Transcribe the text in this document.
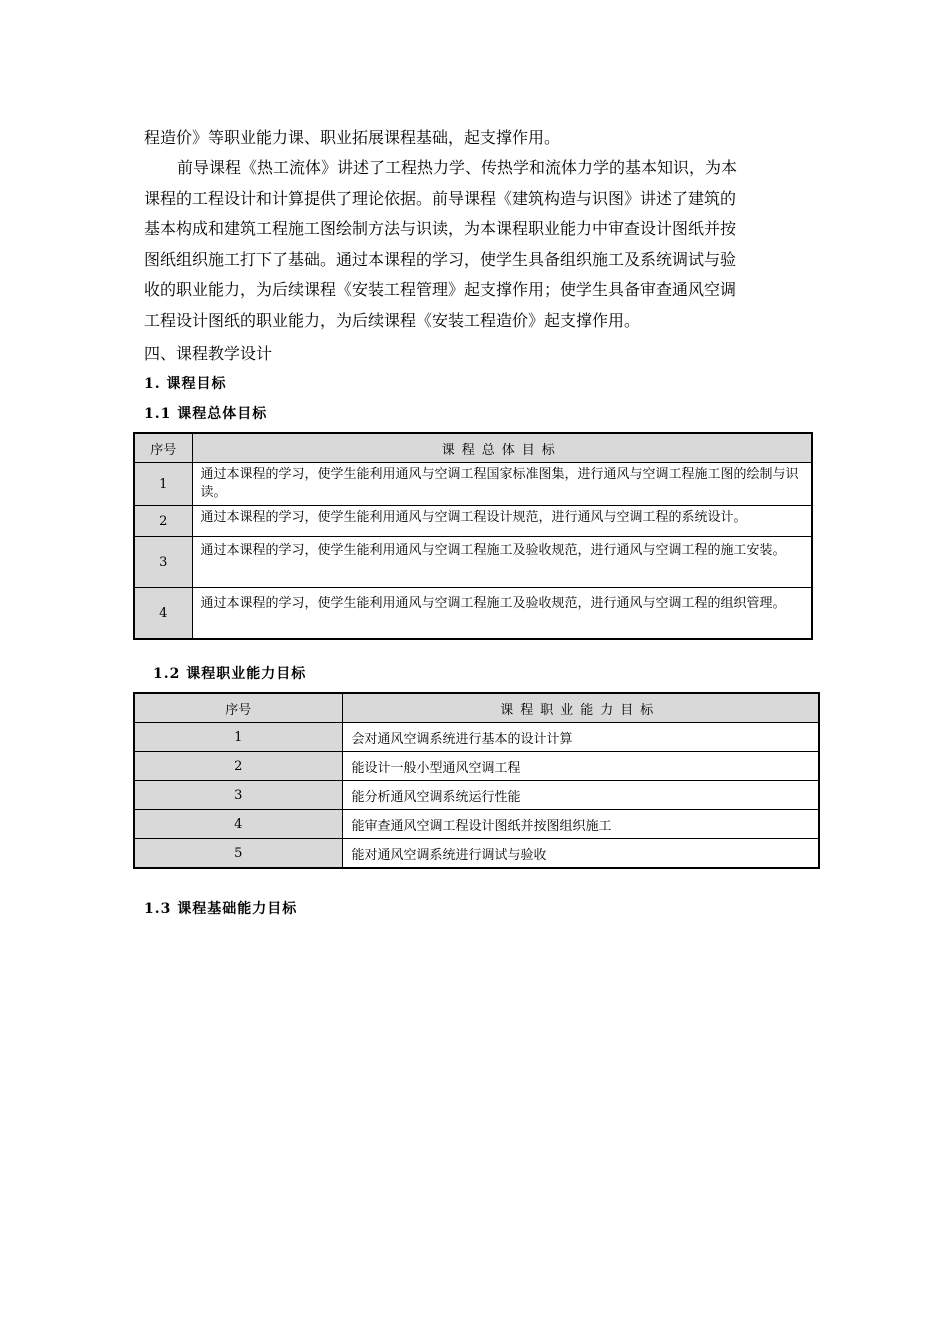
程造价》等职业能力课、职业拓展课程基础，起支撑作用。
前导课程《热工流体》讲述了工程热力学、传热学和流体力学的基本知识，为本
课程的工程设计和计算提供了理论依据。前导课程《建筑构造与识图》讲述了建筑的
基本构成和建筑工程施工图绘制方法与识读，为本课程职业能力中审查设计图纸并按
图纸组织施工打下了基础。通过本课程的学习，使学生具备组织施工及系统调试与验
收的职业能力，为后续课程《安装工程管理》起支撑作用；使学生具备审查通风空调
工程设计图纸的职业能力，为后续课程《安装工程造价》起支撑作用。
四、课程教学设计
1. 课程目标
1.1 课程总体目标
序号	课程总体目标
1	通过本课程的学习，使学生能利用通风与空调工程国家标准图集，进行通风与空调工程施工图的绘制与识读。

2	通过本课程的学习，使学生能利用通风与空调工程设计规范，进行通风与空调工程的系统设计。

3	通过本课程的学习，使学生能利用通风与空调工程施工及验收规范，进行通风与空调工程的施工安装。

4	通过本课程的学习，使学生能利用通风与空调工程施工及验收规范，进行通风与空调工程的组织管理。
1.2 课程职业能力目标
序号	课程职业能力目标
1	会对通风空调系统进行基本的设计计算
2	能设计一般小型通风空调工程
3	能分析通风空调系统运行性能
4	能审查通风空调工程设计图纸并按图组织施工
5	能对通风空调系统进行调试与验收
1.3 课程基础能力目标
